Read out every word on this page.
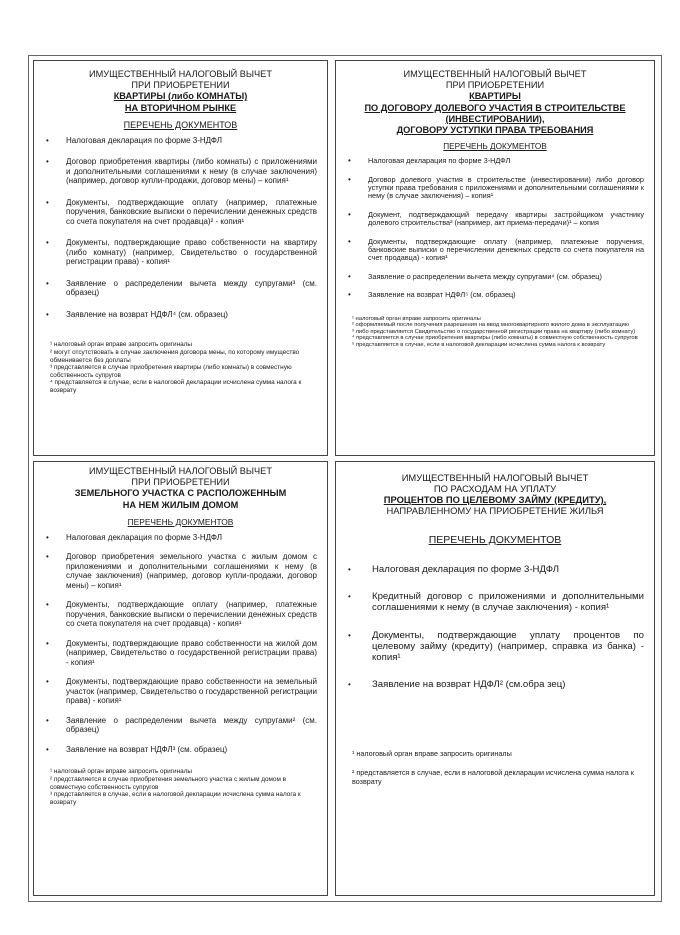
ИМУЩЕСТВЕННЫЙ НАЛОГОВЫЙ ВЫЧЕТ
ПРИ ПРИОБРЕТЕНИИ
КВАРТИРЫ (либо КОМНАТЫ)
НА ВТОРИЧНОМ РЫНКЕ
ПЕРЕЧЕНЬ ДОКУМЕНТОВ
• Налоговая декларация по форме 3-НДФЛ
• Договор приобретения квартиры (либо комнаты) с приложениями и дополнительными соглашениями к нему (в случае заключения) (например, договор купли-продажи, договор мены) – копия¹
• Документы, подтверждающие оплату (например, платежные поручения, банковские выписки о перечислении денежных средств со счета покупателя на счет продавца)² - копия¹
• Документы, подтверждающие право собственности на квартиру (либо комнату) (например, Свидетельство о государственной регистрации права) - копия¹
• Заявление о распределении вычета между супругами³ (см. образец)
• Заявление на возврат НДФЛ⁴ (см. образец)
¹ налоговый орган вправе запросить оригиналы
² могут отсутствовать в случае заключения договора мены, по которому имущество обменивается без доплаты
³ представляется в случае приобретения квартиры (либо комнаты) в совместную собственность супругов
⁴ представляется в случае, если в налоговой декларации исчислена сумма налога к возврату
ИМУЩЕСТВЕННЫЙ НАЛОГОВЫЙ ВЫЧЕТ
ПРИ ПРИОБРЕТЕНИИ
КВАРТИРЫ
ПО ДОГОВОРУ ДОЛЕВОГО УЧАСТИЯ В СТРОИТЕЛЬСТВЕ (ИНВЕСТИРОВАНИИ),
ДОГОВОРУ УСТУПКИ ПРАВА ТРЕБОВАНИЯ
ПЕРЕЧЕНЬ ДОКУМЕНТОВ
• Налоговая декларация по форме 3-НДФЛ
• Договор долевого участия в строительстве (инвестировании) либо договор уступки права требования с приложениями и дополнительными соглашениями к нему (в случае заключения) – копия¹
• Документ, подтверждающий передачу квартиры застройщиком участнику долевого строительства² (например, акт приема-передачи)¹ – копия
• Документы, подтверждающие оплату (например, платежные поручения, банковские выписки о перечислении денежных средств со счета покупателя на счет продавца) - копия¹
• Заявление о распределении вычета между супругами⁴ (см. образец)
• Заявление на возврат НДФЛ⁵ (см. образец)
¹ налоговый орган вправе запросить оригиналы
² оформляемый после получения разрешения на ввод многоквартирного жилого дома в эксплуатацию
³ либо представляется Свидетельство о государственной регистрации права на квартиру (либо комнату)
⁴ представляется в случае приобретения квартиры (либо комнаты) в совместную собственность супругов
⁵ представляется в случае, если в налоговой декларации исчислена сумма налога к возврату
ИМУЩЕСТВЕННЫЙ НАЛОГОВЫЙ ВЫЧЕТ
ПРИ ПРИОБРЕТЕНИИ
ЗЕМЕЛЬНОГО УЧАСТКА С РАСПОЛОЖЕННЫМ
НА НЕМ ЖИЛЫМ ДОМОМ
ПЕРЕЧЕНЬ ДОКУМЕНТОВ
• Налоговая декларация по форме 3-НДФЛ
• Договор приобретения земельного участка с жилым домом с приложениями и дополнительными соглашениями к нему (в случае заключения) (например, договор купли-продажи, договор мены) – копия¹
• Документы, подтверждающие оплату (например, платежные поручения, банковские выписки о перечислении денежных средств со счета покупателя на счет продавца) - копия¹
• Документы, подтверждающие право собственности на жилой дом (например, Свидетельство о государственной регистрации права) - копия¹
• Документы, подтверждающие право собственности на земельный участок (например, Свидетельство о государственной регистрации права) - копия¹
• Заявление о распределении вычета между супругами² (см. образец)
• Заявление на возврат НДФЛ³ (см. образец)
¹ налоговый орган вправе запросить оригиналы
² представляется в случае приобретения земельного участка с жилым домом в совместную собственность супругов
³ представляется в случае, если в налоговой декларации исчислена сумма налога к возврату
ИМУЩЕСТВЕННЫЙ НАЛОГОВЫЙ ВЫЧЕТ
ПО РАСХОДАМ НА УПЛАТУ
ПРОЦЕНТОВ ПО ЦЕЛЕВОМУ ЗАЙМУ (КРЕДИТУ),
НАПРАВЛЕННОМУ НА ПРИОБРЕТЕНИЕ ЖИЛЬЯ
ПЕРЕЧЕНЬ ДОКУМЕНТОВ
• Налоговая декларация по форме 3-НДФЛ
• Кредитный договор с приложениями и дополнительными соглашениями к нему (в случае заключения) - копия¹
• Документы, подтверждающие уплату процентов по целевому займу (кредиту) (например, справка из банка) - копия¹
• Заявление на возврат НДФЛ² (см.обра зец)
¹ налоговый орган вправе запросить оригиналы
² представляется в случае, если в налоговой декларации исчислена сумма налога к возврату
